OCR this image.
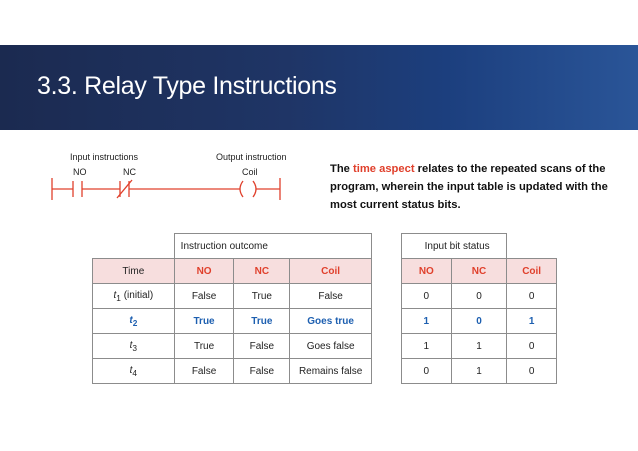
3.3. Relay Type Instructions
Input instructions	Output instruction
NO	NC	Coil	The time aspect relates to the repeated scans of the program, wherein the input table is updated with the most current status bits.
	Instruction outcome		
Time	NO	NC	Coil
$t_1$ (initial)	False	True	False
$t_2$	True	True	Goes true
$t_3$	True	False	Goes false
$t_4$	False	False	Remains false
Input bit status		
NO	NC	Coil
0	0	0
1	0	1
1	1	0
0	1	0
